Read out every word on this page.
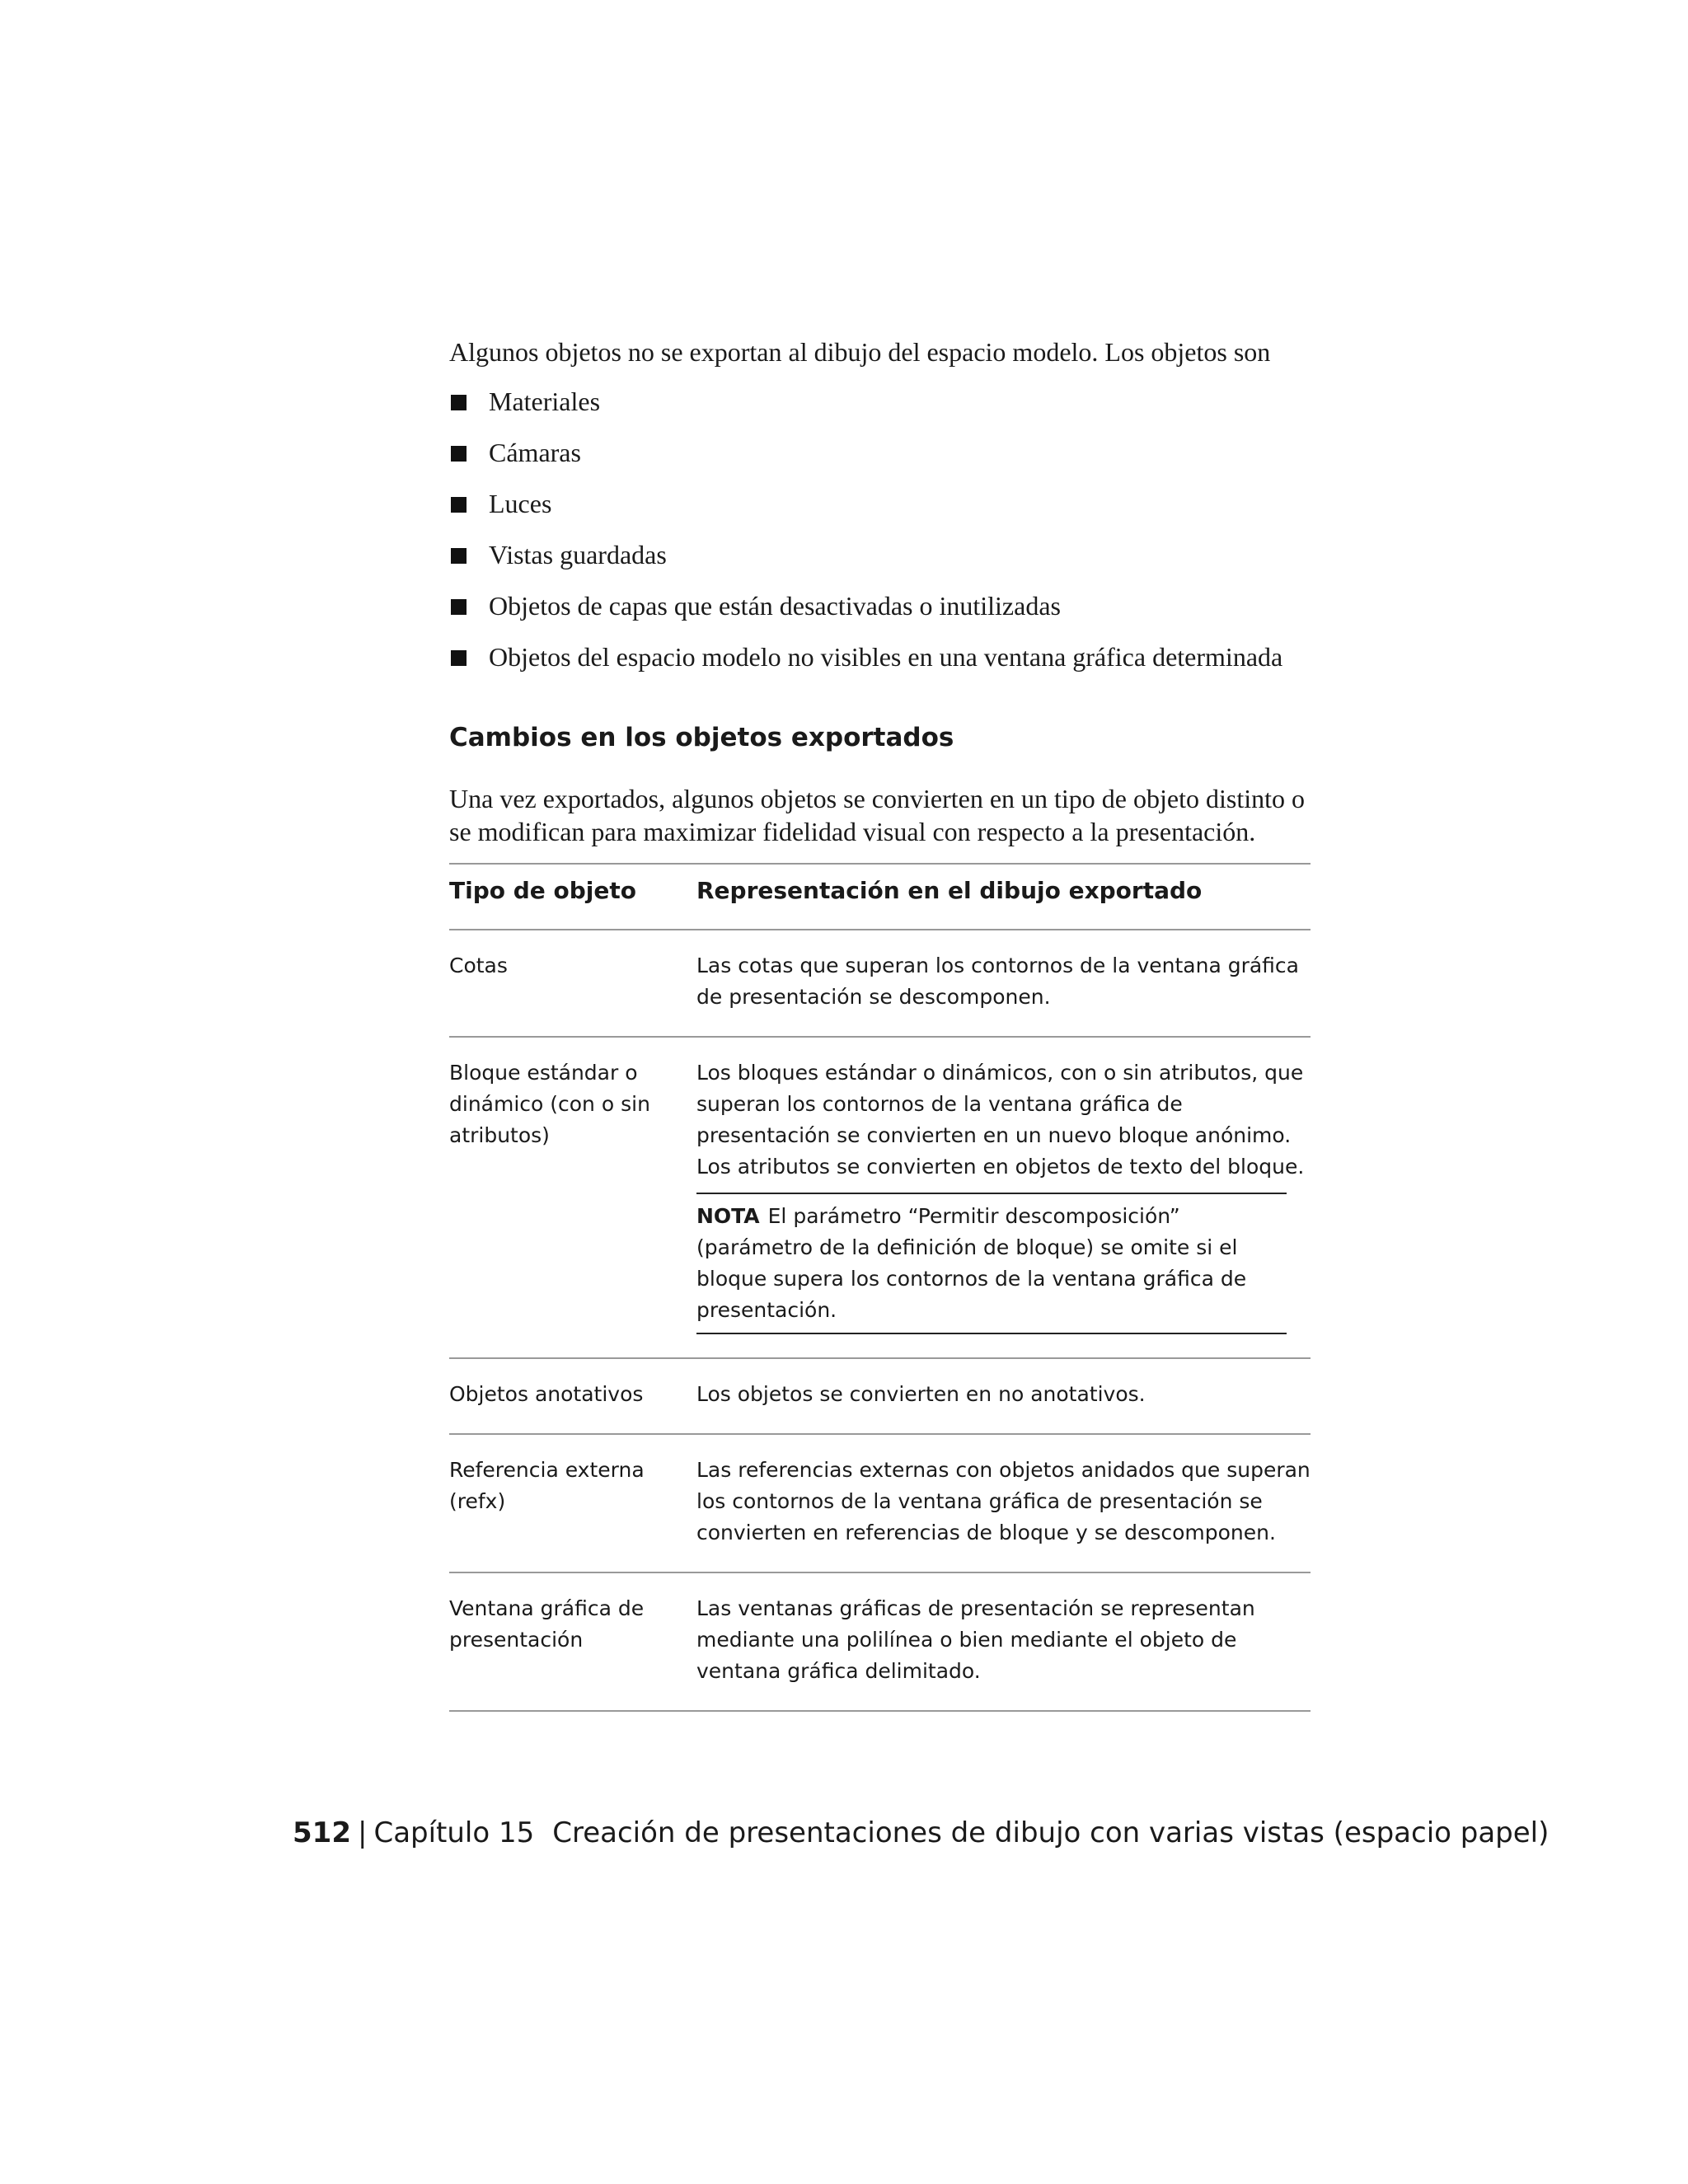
Algunos objetos no se exportan al dibujo del espacio modelo. Los objetos son

Materiales
Cámaras
Luces
Vistas guardadas
Objetos de capas que están desactivadas o inutilizadas
Objetos del espacio modelo no visibles en una ventana gráfica determinada
Cambios en los objetos exportados

Una vez exportados, algunos objetos se convierten en un tipo de objeto distinto o se modifican para maximizar fidelidad visual con respecto a la presentación.

Tipo de objeto	Representación en el dibujo exportado
Cotas	Las cotas que superan los contornos de la ventana gráfica de presentación se descomponen.
Bloque estándar o dinámico (con o sin atributos)	Los bloques estándar o dinámicos, con o sin atributos, que superan los contornos de la ventana gráfica de presentación se convierten en un nuevo bloque anónimo. Los atributos se convierten en objetos de texto del bloque.
NOTA El parámetro “Permitir descomposición” (parámetro de la definición de bloque) se omite si el bloque supera los contornos de la ventana gráfica de presentación.

Objetos anotativos	Los objetos se convierten en no anotativos.
Referencia externa (refx)	Las referencias externas con objetos anidados que superan los contornos de la ventana gráfica de presentación se convierten en referencias de bloque y se descomponen.
Ventana gráfica de presentación	Las ventanas gráficas de presentación se representan mediante una polilínea o bien mediante el objeto de ventana gráfica delimitado.
512 | Capítulo 15 Creación de presentaciones de dibujo con varias vistas (espacio papel)
